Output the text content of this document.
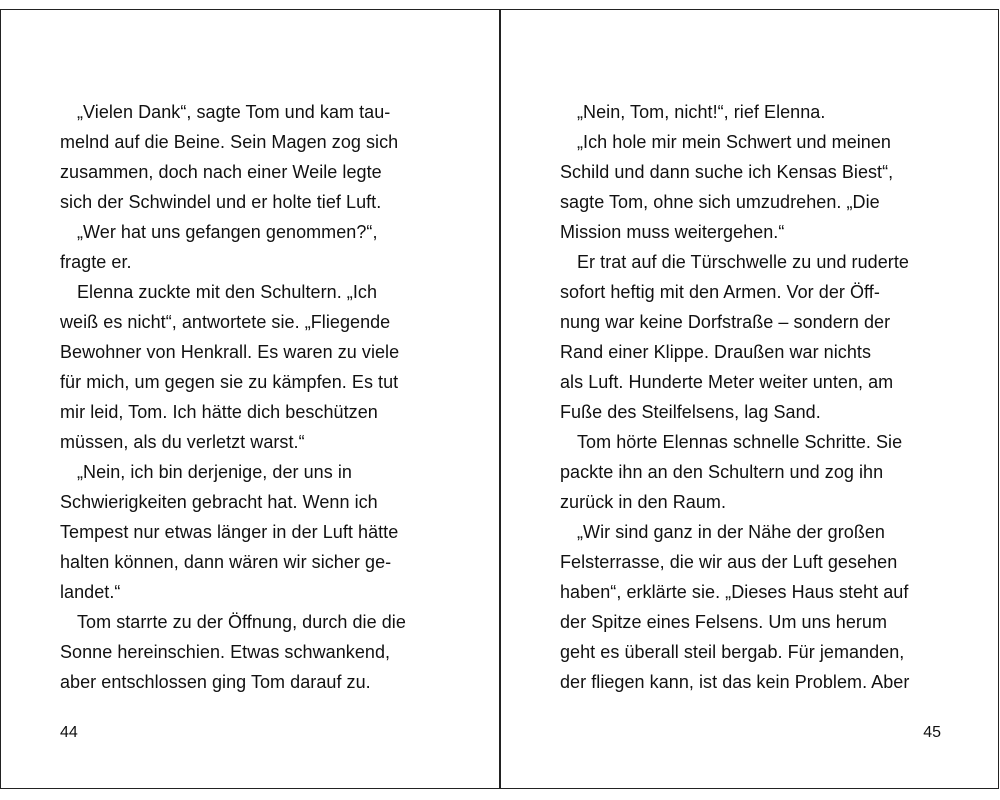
„Vielen Dank“, sagte Tom und kam tau-
melnd auf die Beine. Sein Magen zog sich
zusammen, doch nach einer Weile legte
sich der Schwindel und er holte tief Luft.
„Wer hat uns gefangen genommen?“,
fragte er.
Elenna zuckte mit den Schultern. „Ich
weiß es nicht“, antwortete sie. „Fliegende
Bewohner von Henkrall. Es waren zu viele
für mich, um gegen sie zu kämpfen. Es tut
mir leid, Tom. Ich hätte dich beschützen
müssen, als du verletzt warst.“
„Nein, ich bin derjenige, der uns in
Schwierigkeiten gebracht hat. Wenn ich
Tempest nur etwas länger in der Luft hätte
halten können, dann wären wir sicher ge-
landet.“
Tom starrte zu der Öffnung, durch die die
Sonne hereinschien. Etwas schwankend,
aber entschlossen ging Tom darauf zu.
44
„Nein, Tom, nicht!“, rief Elenna.
„Ich hole mir mein Schwert und meinen
Schild und dann suche ich Kensas Biest“,
sagte Tom, ohne sich umzudrehen. „Die
Mission muss weitergehen.“
Er trat auf die Türschwelle zu und ruderte
sofort heftig mit den Armen. Vor der Öff-
nung war keine Dorfstraße – sondern der
Rand einer Klippe. Draußen war nichts
als Luft. Hunderte Meter weiter unten, am
Fuße des Steilfelsens, lag Sand.
Tom hörte Elennas schnelle Schritte. Sie
packte ihn an den Schultern und zog ihn
zurück in den Raum.
„Wir sind ganz in der Nähe der großen
Felsterrasse, die wir aus der Luft gesehen
haben“, erklärte sie. „Dieses Haus steht auf
der Spitze eines Felsens. Um uns herum
geht es überall steil bergab. Für jemanden,
der fliegen kann, ist das kein Problem. Aber
45
